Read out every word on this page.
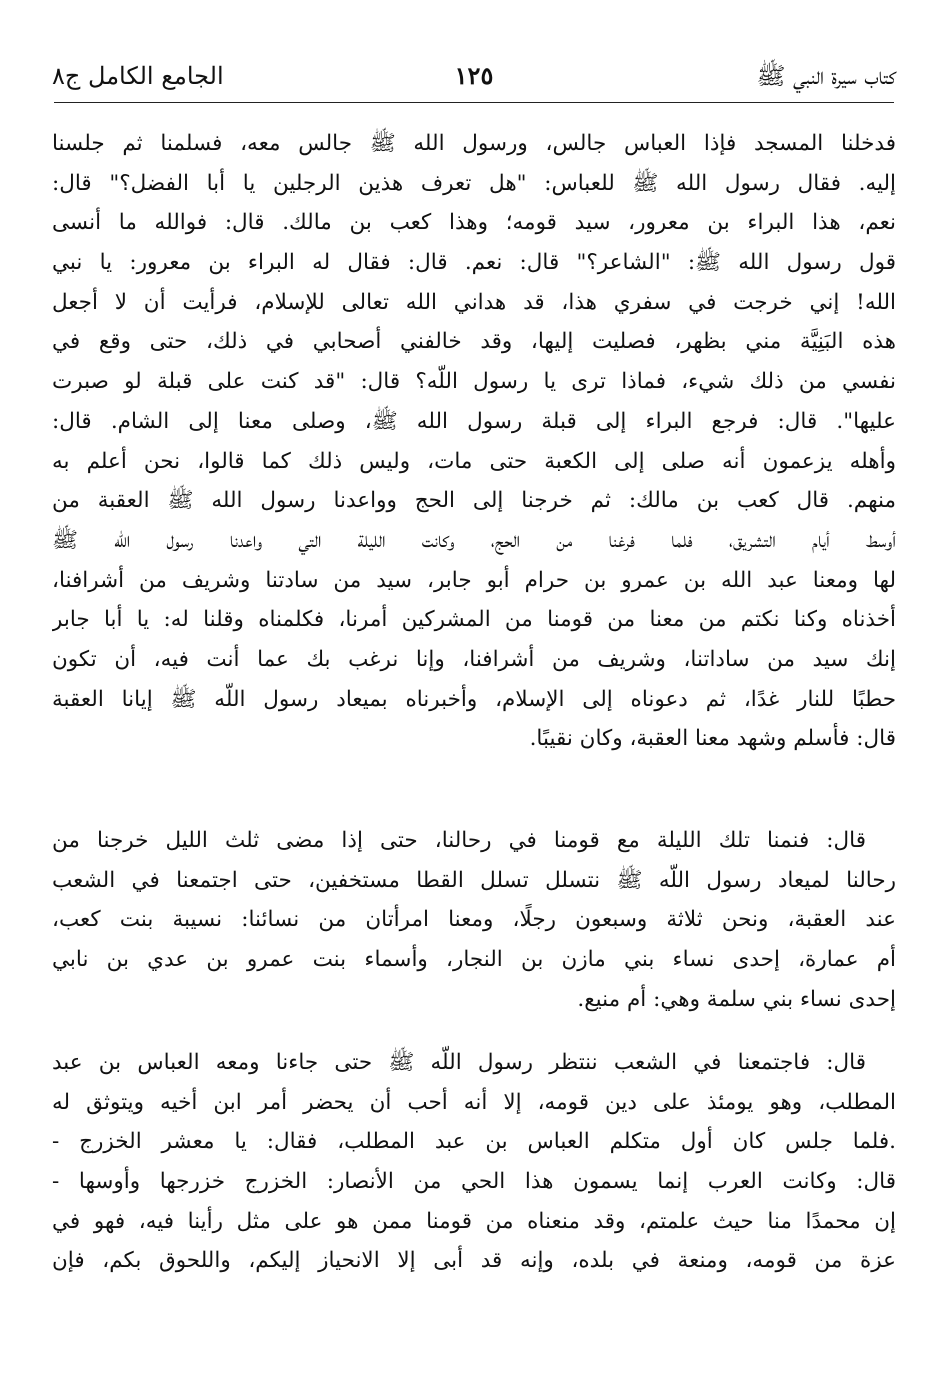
كتاب سيرة النبي ﷺ
١٢٥
الجامع الكامل ج٨
فدخلنا المسجد فإذا العباس جالس، ورسول الله ﷺ جالس معه، فسلمنا ثم جلسنا
إليه. فقال رسول الله ﷺ للعباس: "هل تعرف هذين الرجلين يا أبا الفضل؟" قال:
نعم، هذا البراء بن معرور، سيد قومه؛ وهذا كعب بن مالك. قال: فوالله ما أنسى
قول رسول الله ﷺ: "الشاعر؟" قال: نعم. قال: فقال له البراء بن معرور: يا نبي
الله! إني خرجت في سفري هذا، قد هداني الله تعالى للإسلام، فرأيت أن لا أجعل
هذه البَنِيَّة مني بظهر، فصليت إليها، وقد خالفني أصحابي في ذلك، حتى وقع في
نفسي من ذلك شيء، فماذا ترى يا رسول اللّه؟ قال: "قد كنت على قبلة لو صبرت
عليها". قال: فرجع البراء إلى قبلة رسول الله ﷺ، وصلى معنا إلى الشام. قال:
وأهله يزعمون أنه صلى إلى الكعبة حتى مات، وليس ذلك كما قالوا، نحن أعلم به
منهم. قال كعب بن مالك: ثم خرجنا إلى الحج وواعدنا رسول الله ﷺ العقبة من
أوسط أيام التشريق، فلما فرغنا من الحج، وكانت الليلة التي واعدنا رسول الله ﷺ
لها ومعنا عبد الله بن عمرو بن حرام أبو جابر، سيد من سادتنا وشريف من أشرافنا،
أخذناه وكنا نكتم من معنا من قومنا من المشركين أمرنا، فكلمناه وقلنا له: يا أبا جابر
إنك سيد من ساداتنا، وشريف من أشرافنا، وإنا نرغب بك عما أنت فيه، أن تكون
حطبًا للنار غدًا، ثم دعوناه إلى الإسلام، وأخبرناه بميعاد رسول اللّه ﷺ إيانا العقبة
قال: فأسلم وشهد معنا العقبة، وكان نقيبًا.
قال: فنمنا تلك الليلة مع قومنا في رحالنا، حتى إذا مضى ثلث الليل خرجنا من
رحالنا لميعاد رسول اللّه ﷺ نتسلل تسلل القطا مستخفين، حتى اجتمعنا في الشعب
عند العقبة، ونحن ثلاثة وسبعون رجلًا، ومعنا امرأتان من نسائنا: نسيبة بنت كعب،
أم عمارة، إحدى نساء بني مازن بن النجار، وأسماء بنت عمرو بن عدي بن نابي
إحدى نساء بني سلمة وهي: أم منيع.
قال: فاجتمعنا في الشعب ننتظر رسول اللّه ﷺ حتى جاءنا ومعه العباس بن عبد
المطلب، وهو يومئذ على دين قومه، إلا أنه أحب أن يحضر أمر ابن أخيه ويتوثق له
.فلما جلس كان أول متكلم العباس بن عبد المطلب، فقال: يا معشر الخزرج -
قال: وكانت العرب إنما يسمون هذا الحي من الأنصار: الخزرج خزرجها وأوسها -
إن محمدًا منا حيث علمتم، وقد منعناه من قومنا ممن هو على مثل رأينا فيه، فهو في
عزة من قومه، ومنعة في بلده، وإنه قد أبى إلا الانحياز إليكم، واللحوق بكم، فإن
